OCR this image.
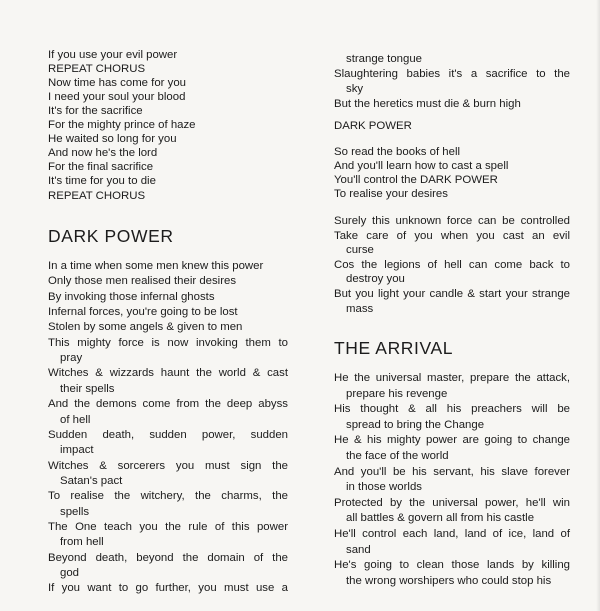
If you use your evil power
REPEAT CHORUS
Now time has come for you
I need your soul your blood
It's for the sacrifice
For the mighty prince of haze
He waited so long for you
And now he's the lord
For the final sacrifice
It's time for you to die
REPEAT CHORUS
DARK POWER
In a time when some men knew this power
Only those men realised their desires
By invoking those infernal ghosts
Infernal forces, you're going to be lost
Stolen by some angels & given to men
This mighty force is now invoking them to
pray
Witches & wizzards haunt the world & cast
their spells
And the demons come from the deep abyss
of hell
Sudden death, sudden power, sudden
impact
Witches & sorcerers you must sign the
Satan's pact
To realise the witchery, the charms, the
spells
The One teach you the rule of this power
from hell
Beyond death, beyond the domain of the
god
If you want to go further, you must use a
strange tongue
Slaughtering babies it's a sacrifice to the
sky
But the heretics must die & burn high
DARK POWER
So read the books of hell
And you'll learn how to cast a spell
You'll control the DARK POWER
To realise your desires
Surely this unknown force can be controlled
Take care of you when you cast an evil
curse
Cos the legions of hell can come back to
destroy you
But you light your candle & start your strange
mass
THE ARRIVAL
He the universal master, prepare the attack,
prepare his revenge
His thought & all his preachers will be
spread to bring the Change
He & his mighty power are going to change
the face of the world
And you'll be his servant, his slave forever
in those worlds
Protected by the universal power, he'll win
all battles & govern all from his castle
He'll control each land, land of ice, land of
sand
He's going to clean those lands by killing
the wrong worshipers who could stop his
